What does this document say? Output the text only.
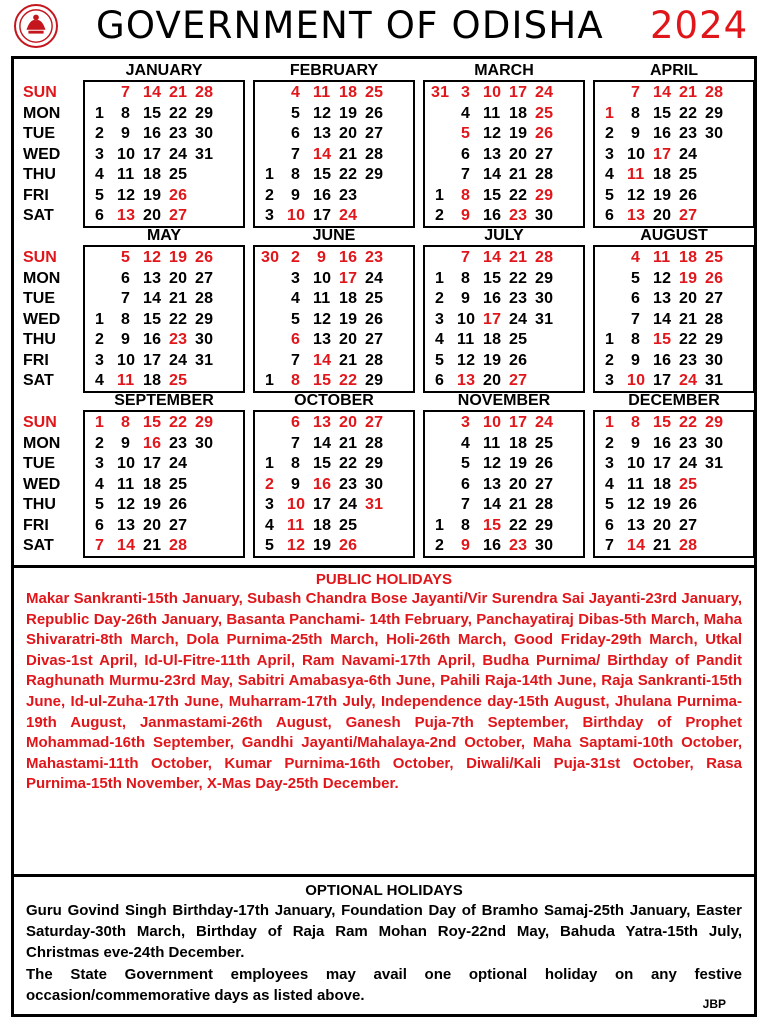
GOVERNMENT OF ODISHA 2024
SUN
MON
TUE
WED
THU
FRI
SAT
SUN
MON
TUE
WED
THU
FRI
SAT
SUN
MON
TUE
WED
THU
FRI
SAT
JANUARY
1
2
3
4
5
6
7
8
9
10
11
12
13
14
15
16
17
18
19
20
21
22
23
24
25
26
27
28
29
30
31
FEBRUARY
1
2
3
4
5
6
7
8
9
10
11
12
13
14
15
16
17
18
19
20
21
22
23
24
25
26
27
28
29
MARCH
1
2
3
4
5
6
7
8
9
10
11
12
13
14
15
16
17
18
19
20
21
22
23
24
25
26
27
28
29
30
31
APRIL
1
2
3
4
5
6
7
8
9
10
11
12
13
14
15
16
17
18
19
20
21
22
23
24
25
26
27
28
29
30
MAY
1
2
3
4
5
6
7
8
9
10
11
12
13
14
15
16
17
18
19
20
21
22
23
24
25
26
27
28
29
30
31
JUNE
1
2
3
4
5
6
7
8
9
10
11
12
13
14
15
16
17
18
19
20
21
22
23
24
25
26
27
28
29
30
JULY
1
2
3
4
5
6
7
8
9
10
11
12
13
14
15
16
17
18
19
20
21
22
23
24
25
26
27
28
29
30
31
AUGUST
1
2
3
4
5
6
7
8
9
10
11
12
13
14
15
16
17
18
19
20
21
22
23
24
25
26
27
28
29
30
31
SEPTEMBER
1
2
3
4
5
6
7
8
9
10
11
12
13
14
15
16
17
18
19
20
21
22
23
24
25
26
27
28
29
30
OCTOBER
1
2
3
4
5
6
7
8
9
10
11
12
13
14
15
16
17
18
19
20
21
22
23
24
25
26
27
28
29
30
31
NOVEMBER
1
2
3
4
5
6
7
8
9
10
11
12
13
14
15
16
17
18
19
20
21
22
23
24
25
26
27
28
29
30
DECEMBER
1
2
3
4
5
6
7
8
9
10
11
12
13
14
15
16
17
18
19
20
21
22
23
24
25
26
27
28
29
30
31
PUBLIC HOLIDAYS
Makar Sankranti-15th January, Subash Chandra Bose Jayanti/Vir Surendra Sai Jayanti-23rd January, Republic Day-26th January, Basanta Panchami- 14th February, Panchayatiraj Dibas-5th March, Maha Shivaratri-8th March, Dola Purnima-25th March, Holi-26th March, Good Friday-29th March, Utkal Divas-1st April, Id-Ul-Fitre-11th April, Ram Navami-17th April, Budha Purnima/ Birthday of Pandit Raghunath Murmu-23rd May, Sabitri Amabasya-6th June, Pahili Raja-14th June, Raja Sankranti-15th June, Id-ul-Zuha-17th June, Muharram-17th July, Independence day-15th August, Jhulana Purnima-19th August, Janmastami-26th August, Ganesh Puja-7th September, Birthday of Prophet Mohammad-16th September, Gandhi Jayanti/Mahalaya-2nd October, Maha Saptami-10th October, Mahastami-11th October, Kumar Purnima-16th October, Diwali/Kali Puja-31st October, Rasa Purnima-15th November, X-Mas Day-25th December.
OPTIONAL HOLIDAYS
Guru Govind Singh Birthday-17th January, Foundation Day of Bramho Samaj-25th January, Easter Saturday-30th March, Birthday of Raja Ram Mohan Roy-22nd May, Bahuda Yatra-15th July, Christmas eve-24th December.
The State Government employees may avail one optional holiday on any festive occasion/commemorative days as listed above.	JBP
